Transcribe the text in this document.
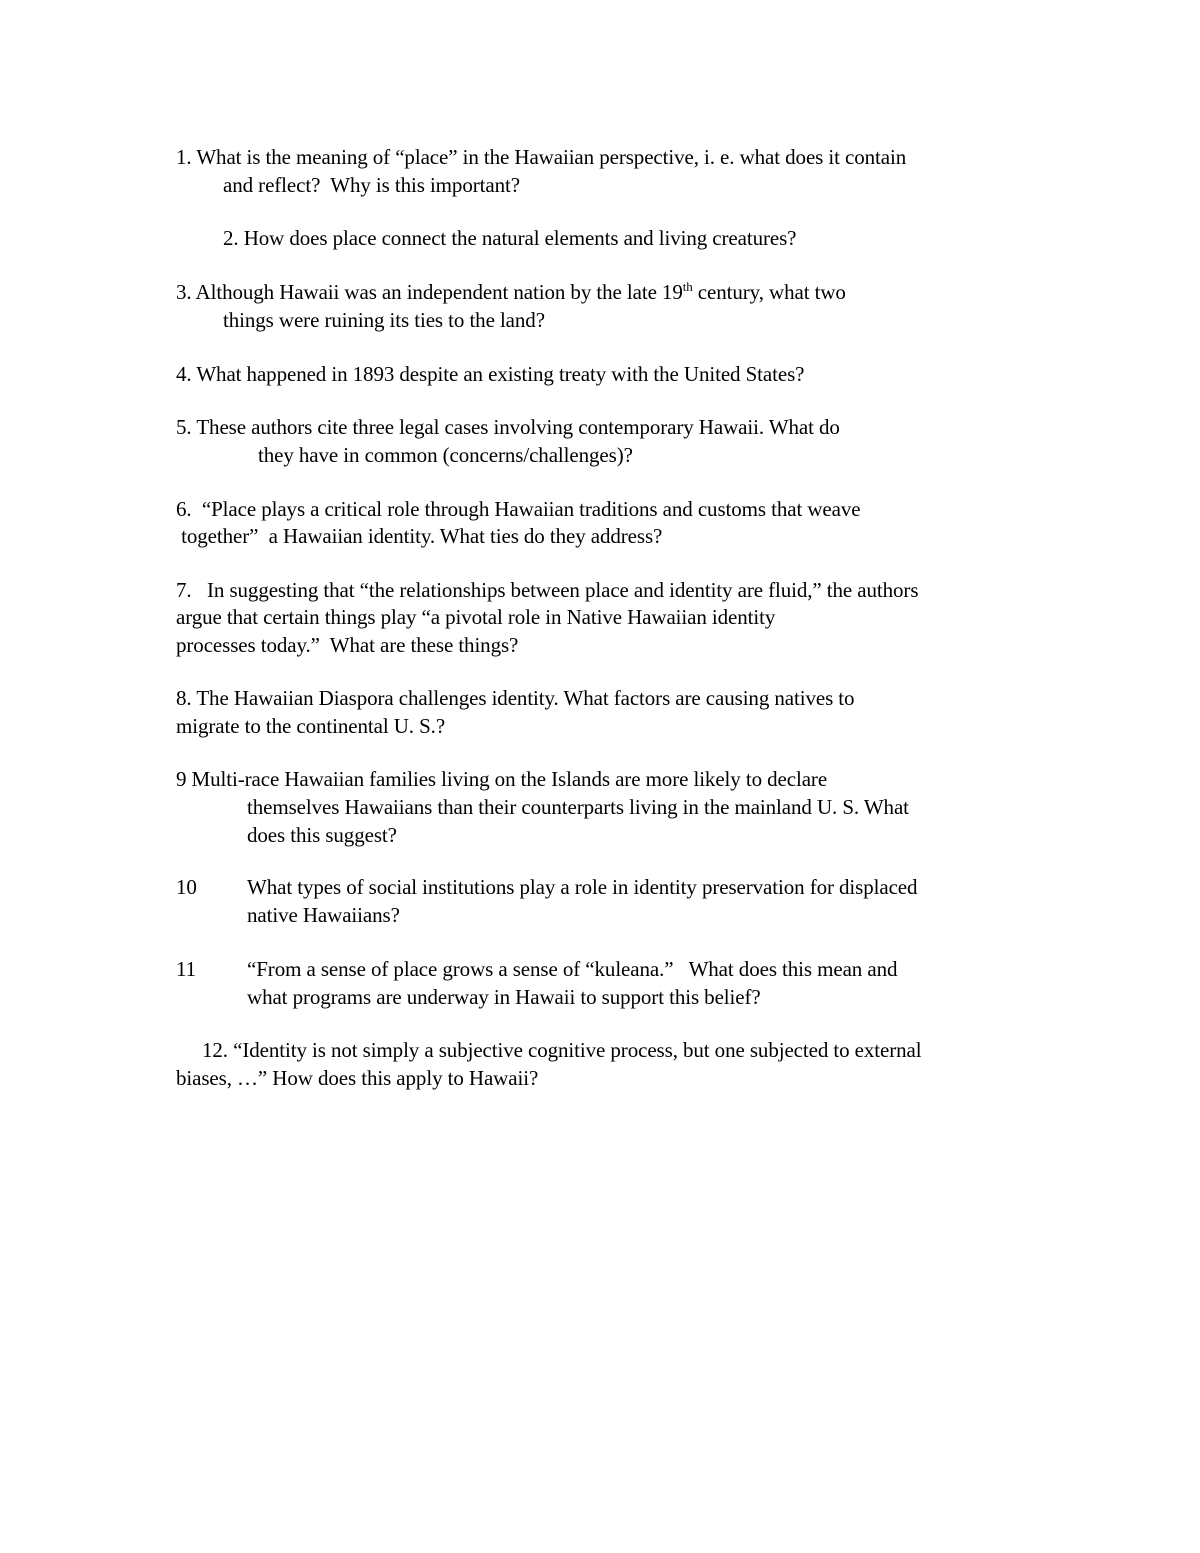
1. What is the meaning of “place” in the Hawaiian perspective, i. e. what does it contain
and reflect?  Why is this important?
2. How does place connect the natural elements and living creatures?
3. Although Hawaii was an independent nation by the late 19th century, what two
things were ruining its ties to the land?
4. What happened in 1893 despite an existing treaty with the United States?
5. These authors cite three legal cases involving contemporary Hawaii. What do
they have in common (concerns/challenges)?
6.  “Place plays a critical role through Hawaiian traditions and customs that weave
together”  a Hawaiian identity. What ties do they address?
7.   In suggesting that “the relationships between place and identity are fluid,” the authors
argue that certain things play “a pivotal role in Native Hawaiian identity
processes today.”  What are these things?
8. The Hawaiian Diaspora challenges identity. What factors are causing natives to
migrate to the continental U. S.?
9 Multi-race Hawaiian families living on the Islands are more likely to declare
themselves Hawaiians than their counterparts living in the mainland U. S. What
does this suggest?
10 What types of social institutions play a role in identity preservation for displaced
native Hawaiians?
11 “From a sense of place grows a sense of “kuleana.”   What does this mean and
what programs are underway in Hawaii to support this belief?
12. “Identity is not simply a subjective cognitive process, but one subjected to external
biases, …” How does this apply to Hawaii?
